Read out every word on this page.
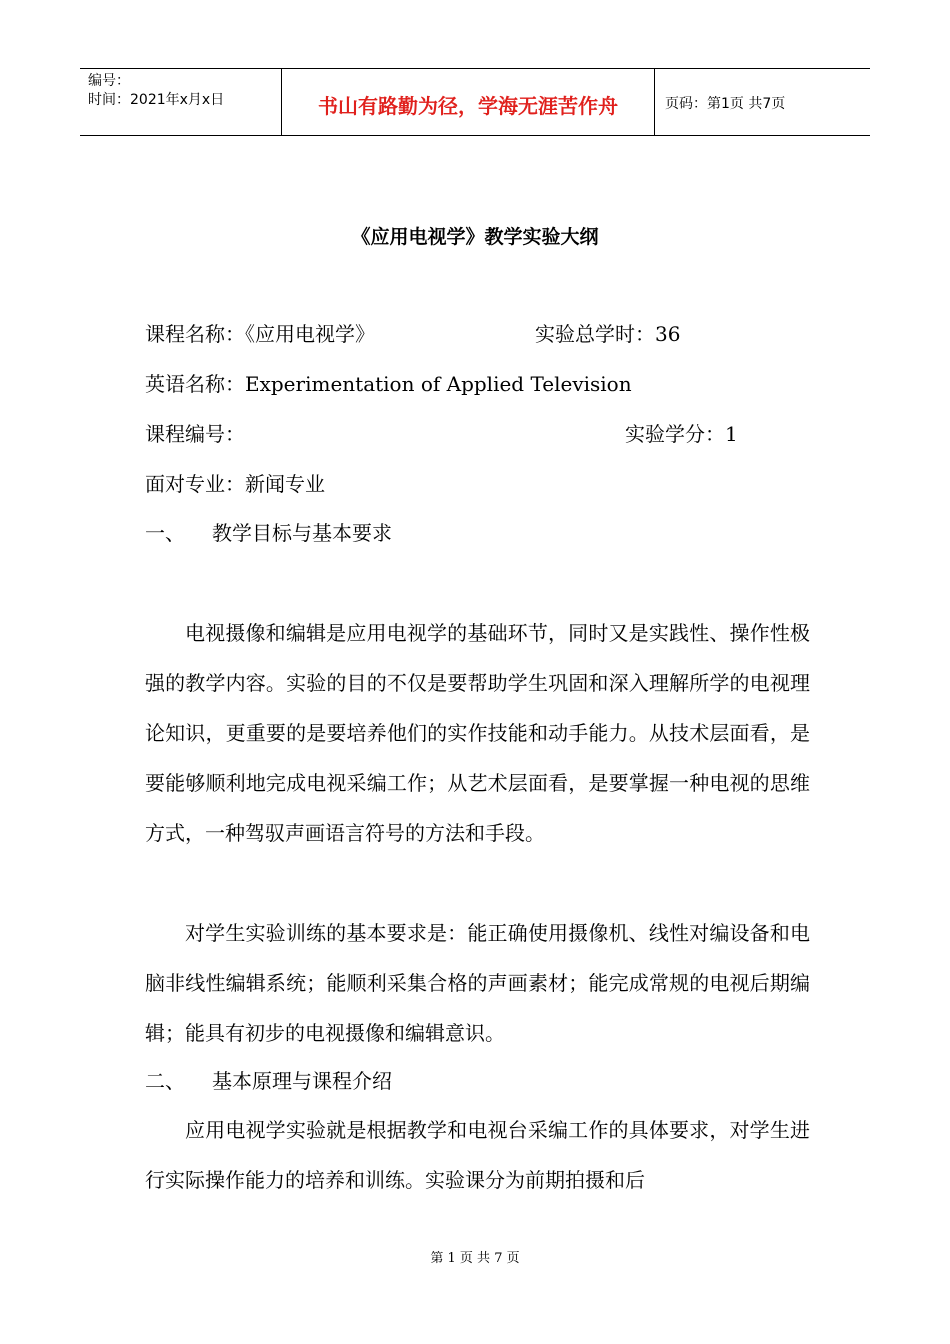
编号：
时间：2021年x月x日	书山有路勤为径，学海无涯苦作舟	页码：第1页 共7页
《应用电视学》教学实验大纲
课程名称：《应用电视学》	实验总学时：36
英语名称：Experimentation of Applied Television
课程编号：	实验学分：1
面对专业：新闻专业
一、 教学目标与基本要求
电视摄像和编辑是应用电视学的基础环节，同时又是实践性、操作性极强的教学内容。实验的目的不仅是要帮助学生巩固和深入理解所学的电视理论知识，更重要的是要培养他们的实作技能和动手能力。从技术层面看，是要能够顺利地完成电视采编工作；从艺术层面看，是要掌握一种电视的思维方式，一种驾驭声画语言符号的方法和手段。
对学生实验训练的基本要求是：能正确使用摄像机、线性对编设备和电脑非线性编辑系统；能顺利采集合格的声画素材；能完成常规的电视后期编辑；能具有初步的电视摄像和编辑意识。
二、 基本原理与课程介绍
应用电视学实验就是根据教学和电视台采编工作的具体要求，对学生进行实际操作能力的培养和训练。实验课分为前期拍摄和后
第 1 页 共 7 页
